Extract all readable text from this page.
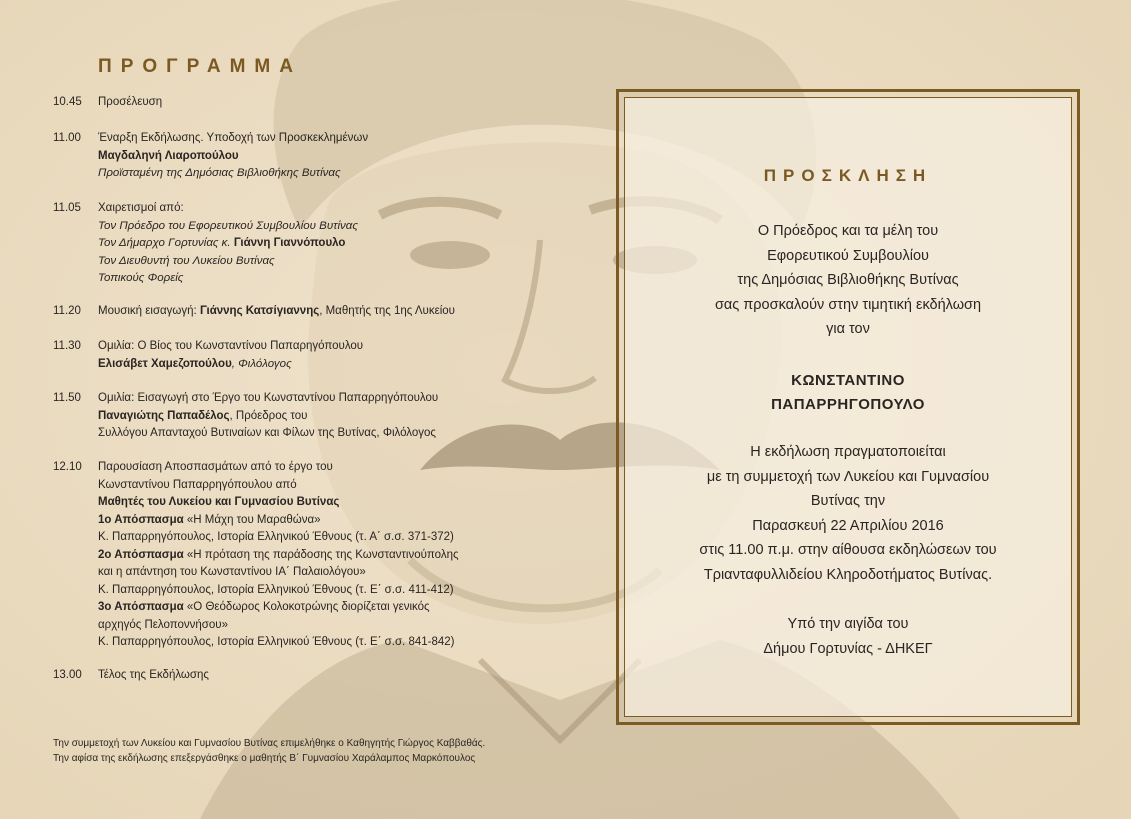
ΠΡΟΓΡΑΜΜΑ
10.45	Προσέλευση
11.00	Έναρξη Εκδήλωσης. Υποδοχή των Προσκεκλημένων
Μαγδαληνή Λιαροπούλου
Προϊσταμένη της Δημόσιας Βιβλιοθήκης Βυτίνας
11.05	Χαιρετισμοί από:
Τον Πρόεδρο του Εφορευτικού Συμβουλίου Βυτίνας
Τον Δήμαρχο Γορτυνίας κ. Γιάννη Γιαννόπουλο
Τον Διευθυντή του Λυκείου Βυτίνας
Τοπικούς Φορείς
11.20	Μουσική εισαγωγή: Γιάννης Κατσίγιαννης, Μαθητής της 1ης Λυκείου
11.30	Ομιλία: Ο Βίος του Κωνσταντίνου Παπαρηγόπουλου
Ελισάβετ Χαμεζοπούλου, Φιλόλογος
11.50	Ομιλία: Εισαγωγή στο Έργο του Κωνσταντίνου Παπαρρηγόπουλου
Παναγιώτης Παπαδέλος, Πρόεδρος του
Συλλόγου Απανταχού Βυτιναίων και Φίλων της Βυτίνας, Φιλόλογος
12.10	Παρουσίαση Αποσπασμάτων από το έργο του
Κωνσταντίνου Παπαρρηγόπουλου από
Μαθητές του Λυκείου και Γυμνασίου Βυτίνας
1ο Απόσπασμα «Η Μάχη του Μαραθώνα»
Κ. Παπαρρηγόπουλος, Ιστορία Ελληνικού Έθνους (τ. Α΄ σ.σ. 371-372)
2ο Απόσπασμα «Η πρόταση της παράδοσης της Κωνσταντινούπολης
και η απάντηση του Κωνσταντίνου ΙΑ΄ Παλαιολόγου»
Κ. Παπαρρηγόπουλος, Ιστορία Ελληνικού Έθνους (τ. Ε΄ σ.σ. 411-412)
3ο Απόσπασμα «Ο Θεόδωρος Κολοκοτρώνης διορίζεται γενικός
αρχηγός Πελοποννήσου»
Κ. Παπαρρηγόπουλος, Ιστορία Ελληνικού Έθνους (τ. Ε΄ σ.σ. 841-842)
13.00	Τέλος της Εκδήλωσης
Την συμμετοχή των Λυκείου και Γυμνασίου Βυτίνας επιμελήθηκε ο Καθηγητής Γιώργος Καββαθάς.
Την αφίσα της εκδήλωσης επεξεργάσθηκε ο μαθητής Β΄ Γυμνασίου Χαράλαμπος Μαρκόπουλος
ΠΡΟΣΚΛΗΣΗ
Ο Πρόεδρος και τα μέλη του
Εφορευτικού Συμβουλίου
της Δημόσιας Βιβλιοθήκης Βυτίνας
σας προσκαλούν στην τιμητική εκδήλωση
για τον
ΚΩΝΣΤΑΝΤΙΝΟ
ΠΑΠΑΡΡΗΓΟΠΟΥΛΟ
Η εκδήλωση πραγματοποιείται
με τη συμμετοχή των Λυκείου και Γυμνασίου
Βυτίνας την
Παρασκευή 22 Απριλίου 2016
στις 11.00 π.μ. στην αίθουσα εκδηλώσεων του
Τριανταφυλλιδείου Κληροδοτήματος Βυτίνας.
Υπό την αιγίδα του
Δήμου Γορτυνίας - ΔΗΚΕΓ
